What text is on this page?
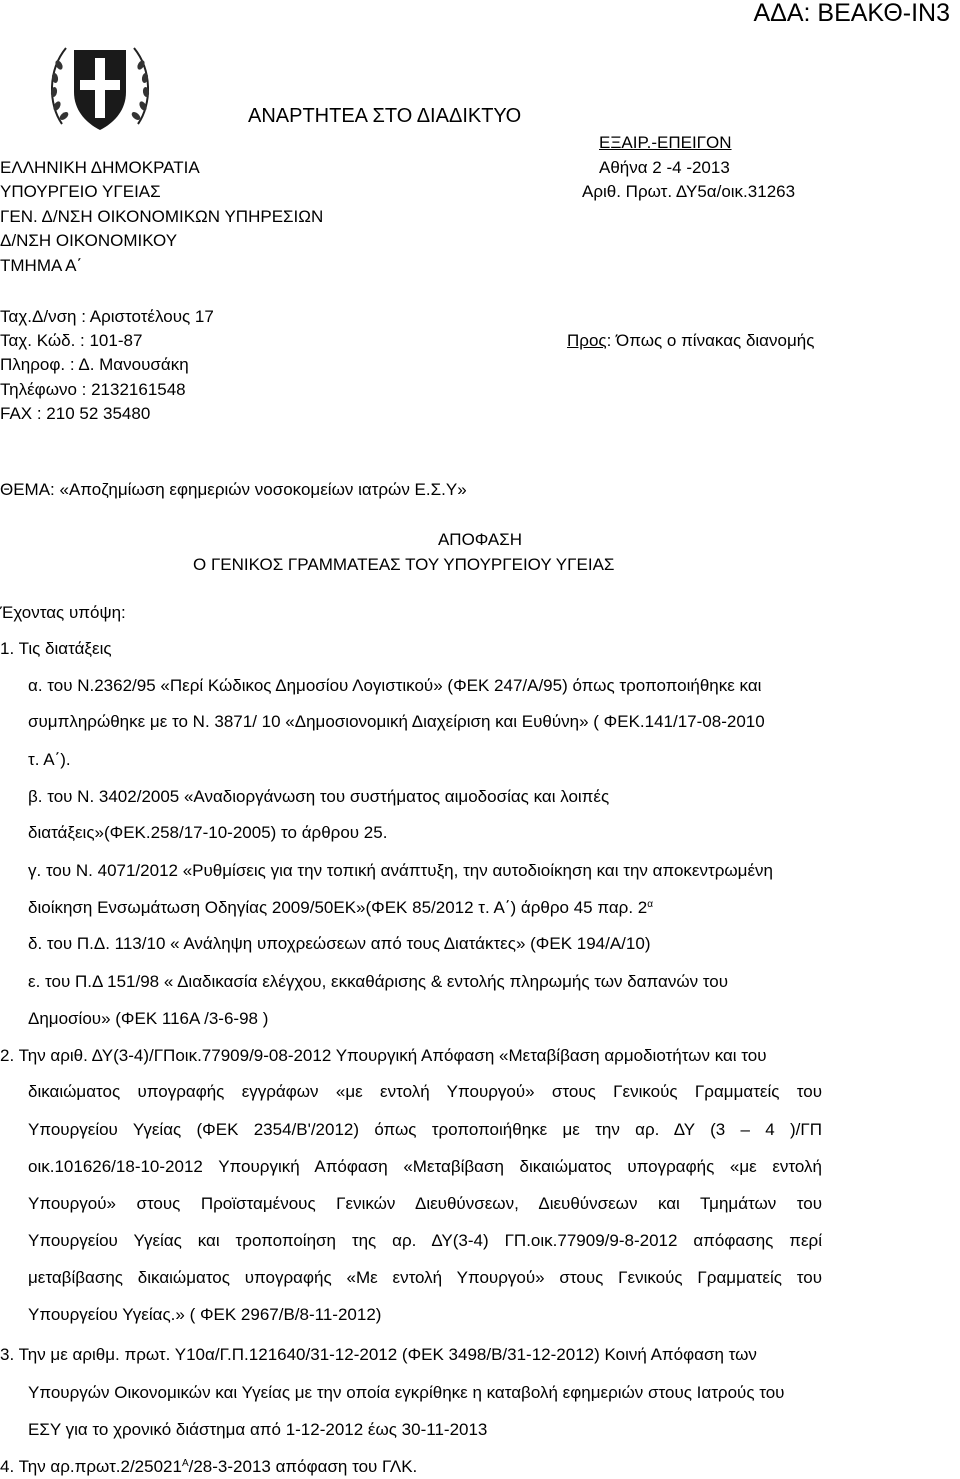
ΑΔΑ: ΒΕΑΚΘ-ΙΝ3
ΑΝΑΡΤΗΤΕΑ ΣΤΟ ΔΙΑΔΙΚΤΥΟ
ΕΛΛΗΝΙΚΗ ΔΗΜΟΚΡΑΤΙΑ
ΥΠΟΥΡΓΕΙΟ ΥΓΕΙΑΣ
ΓΕΝ. Δ/ΝΣΗ ΟΙΚΟΝΟΜΙΚΩΝ ΥΠΗΡΕΣΙΩΝ
Δ/ΝΣΗ ΟΙΚΟΝΟΜΙΚΟΥ
ΤΜΗΜΑ Α΄
ΕΞΑΙΡ.-ΕΠΕΙΓΟΝ
Αθήνα 2 -4 -2013
Αριθ. Πρωτ. ΔΥ5α/οικ.31263
Ταχ.Δ/νση : Αριστοτέλους 17
Ταχ. Κώδ. : 101-87
Πληροφ. : Δ. Μανουσάκη
Τηλέφωνο : 2132161548
FAX : 210 52 35480
Προς: Όπως ο πίνακας διανομής
ΘΕΜΑ: «Αποζημίωση εφημεριών νοσοκομείων ιατρών Ε.Σ.Υ»
ΑΠΟΦΑΣΗ
Ο ΓΕΝΙΚΟΣ ΓΡΑΜΜΑΤΕΑΣ ΤΟΥ ΥΠΟΥΡΓΕΙΟΥ ΥΓΕΙΑΣ
Έχοντας υπόψη:
1. Τις διατάξεις
α. του Ν.2362/95 «Περί Κώδικος Δημοσίου Λογιστικού» (ΦΕΚ 247/Α/95) όπως τροποποιήθηκε και
συμπληρώθηκε με το Ν. 3871/ 10 «Δημοσιονομική Διαχείριση και Ευθύνη» ( ΦΕΚ.141/17-08-2010
τ. Α΄).
β. του Ν. 3402/2005 «Αναδιοργάνωση του συστήματος αιμοδοσίας και λοιπές
διατάξεις»(ΦΕΚ.258/17-10-2005) το άρθρου 25.
γ. του Ν. 4071/2012 «Ρυθμίσεις για την τοπική ανάπτυξη, την αυτοδιοίκηση και την αποκεντρωμένη
διοίκηση Ενσωμάτωση Οδηγίας 2009/50ΕΚ»(ΦΕΚ 85/2012 τ. Α΄) άρθρο 45 παρ. $2^\alpha$
δ. του Π.Δ. 113/10 « Ανάληψη υποχρεώσεων από τους Διατάκτες» (ΦΕΚ 194/Α/10)
ε. του Π.Δ 151/98 « Διαδικασία ελέγχου, εκκαθάρισης & εντολής πληρωμής των δαπανών του
Δημοσίου» (ΦΕΚ 116Α /3-6-98 )
2. Την αριθ. ΔΥ(3-4)/ΓΠοικ.77909/9-08-2012 Υπουργική Απόφαση «Μεταβίβαση αρμοδιοτήτων και του
δικαιώματος υπογραφής εγγράφων «με εντολή Υπουργού» στους Γενικούς Γραμματείς του
Υπουργείου Υγείας (ΦΕΚ 2354/Β'/2012) όπως τροποποιήθηκε με την αρ. ΔΥ (3 – 4 )/ΓΠ
οικ.101626/18-10-2012 Υπουργική Απόφαση «Μεταβίβαση δικαιώματος υπογραφής «με εντολή
Υπουργού» στους Προϊσταμένους Γενικών Διευθύνσεων, Διευθύνσεων και Τμημάτων του
Υπουργείου Υγείας και τροποποίηση της αρ. ΔΥ(3-4) ΓΠ.οικ.77909/9-8-2012 απόφασης περί
μεταβίβασης δικαιώματος υπογραφής «Με εντολή Υπουργού» στους Γενικούς Γραμματείς του
Υπουργείου Υγείας.» ( ΦΕΚ 2967/Β/8-11-2012)
3. Την με αριθμ. πρωτ. Υ10α/Γ.Π.121640/31-12-2012 (ΦΕΚ 3498/Β/31-12-2012) Κοινή Απόφαση των
Υπουργών Οικονομικών και Υγείας με την οποία εγκρίθηκε η καταβολή εφημεριών στους Ιατρούς του
ΕΣΥ για το χρονικό διάστημα από 1-12-2012 έως 30-11-2013
4. Την $\alpha\rho.\pi\rho\omega\tau.2/25021^A/28-3-2013$ απόφαση του ΓΛΚ.
